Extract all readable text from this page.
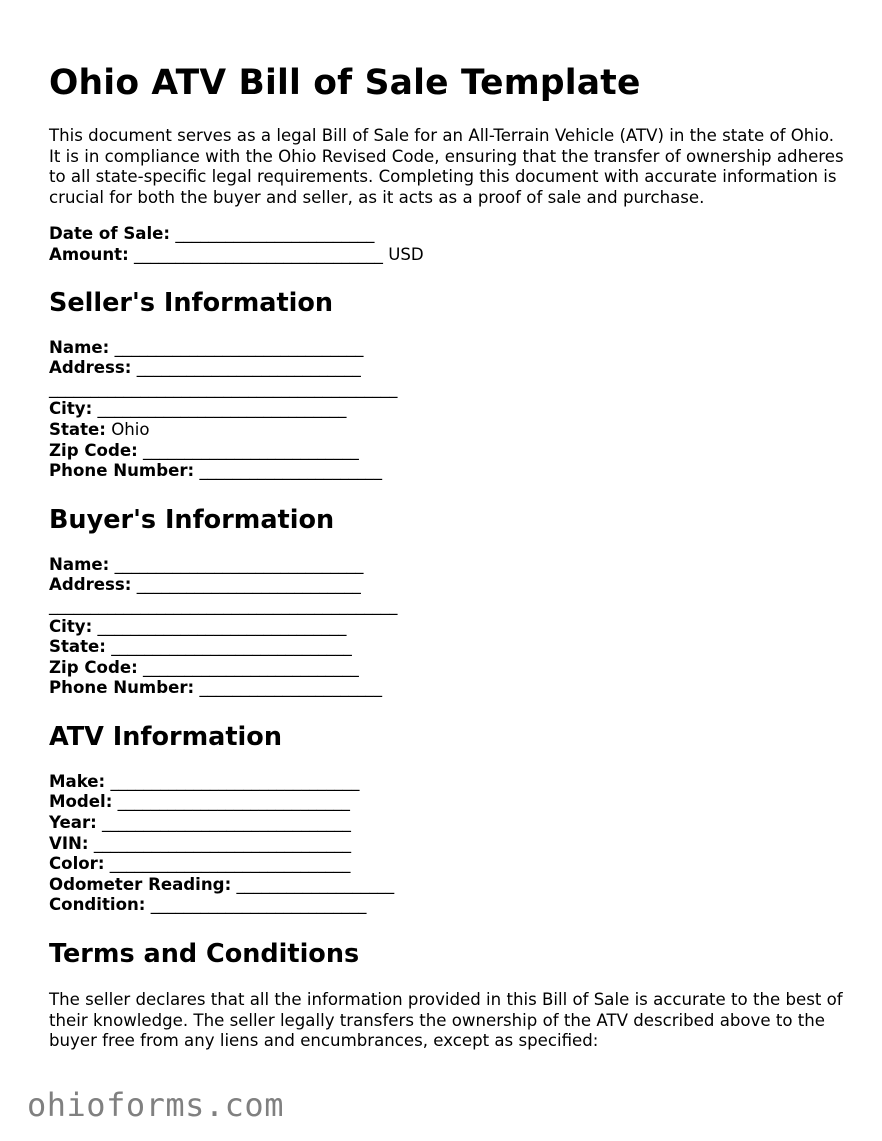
Ohio ATV Bill of Sale Template

This document serves as a legal Bill of Sale for an All-Terrain Vehicle (ATV) in the state of Ohio. It is in compliance with the Ohio Revised Code, ensuring that the transfer of ownership adheres to all state-specific legal requirements. Completing this document with accurate information is crucial for both the buyer and seller, as it acts as a proof of sale and purchase.

Date of Sale: ________________________
Amount: ______________________________ USD
Seller's Information
Name: ______________________________
Address: ___________________________
__________________________________________
City: ______________________________
State: Ohio
Zip Code: __________________________
Phone Number: ______________________
Buyer's Information
Name: ______________________________
Address: ___________________________
__________________________________________
City: ______________________________
State: _____________________________
Zip Code: __________________________
Phone Number: ______________________
ATV Information
Make: ______________________________
Model: ____________________________
Year: ______________________________
VIN: _______________________________
Color: _____________________________
Odometer Reading: ___________________
Condition: __________________________
Terms and Conditions

The seller declares that all the information provided in this Bill of Sale is accurate to the best of their knowledge. The seller legally transfers the ownership of the ATV described above to the buyer free from any liens and encumbrances, except as specified:

ohioforms.com
